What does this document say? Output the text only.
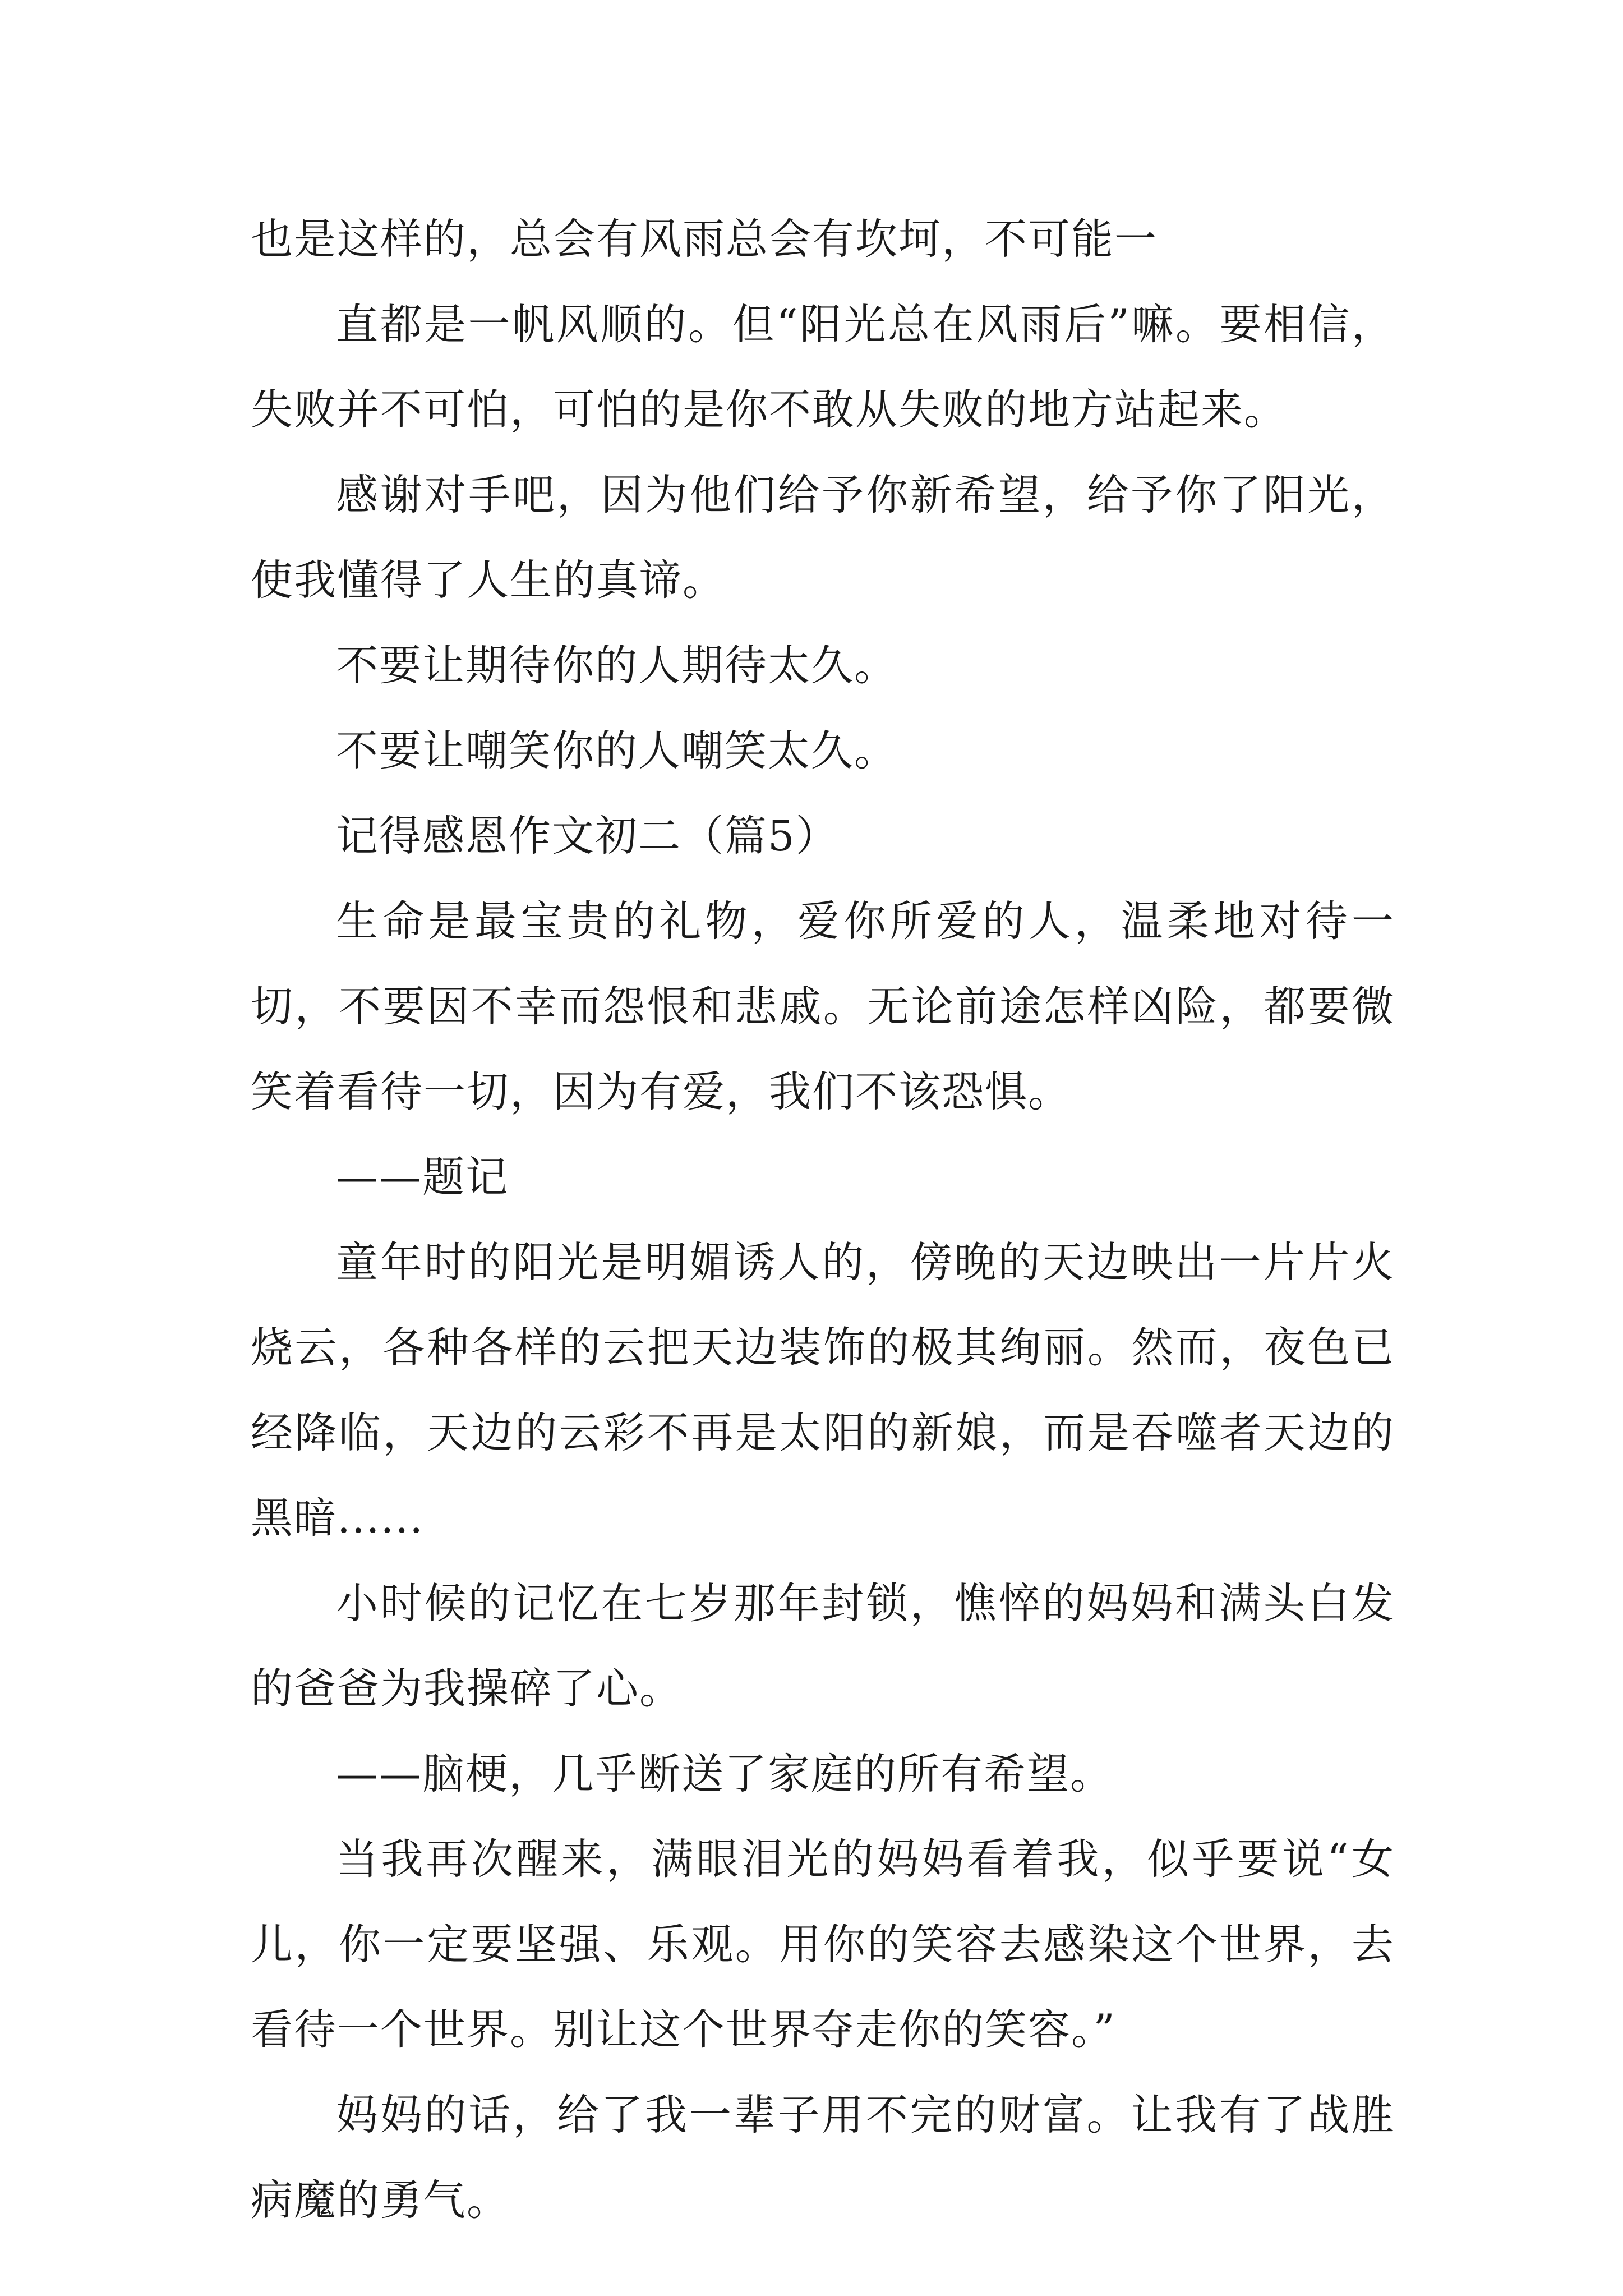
也是这样的，总会有风雨总会有坎坷，不可能一

直都是一帆风顺的。但“阳光总在风雨后”嘛。要相信，失败并不可怕，可怕的是你不敢从失败的地方站起来。

感谢对手吧，因为他们给予你新希望，给予你了阳光，使我懂得了人生的真谛。

不要让期待你的人期待太久。

不要让嘲笑你的人嘲笑太久。

记得感恩作文初二（篇5）

生命是最宝贵的礼物，爱你所爱的人，温柔地对待一切，不要因不幸而怨恨和悲戚。无论前途怎样凶险，都要微笑着看待一切，因为有爱，我们不该恐惧。

——题记

童年时的阳光是明媚诱人的，傍晚的天边映出一片片火烧云，各种各样的云把天边装饰的极其绚丽。然而，夜色已经降临，天边的云彩不再是太阳的新娘，而是吞噬者天边的黑暗......

小时候的记忆在七岁那年封锁，憔悴的妈妈和满头白发的爸爸为我操碎了心。

——脑梗，几乎断送了家庭的所有希望。

当我再次醒来，满眼泪光的妈妈看着我，似乎要说“女儿，你一定要坚强、乐观。用你的笑容去感染这个世界，去看待一个世界。别让这个世界夺走你的笑容。”

妈妈的话，给了我一辈子用不完的财富。让我有了战胜病魔的勇气。
